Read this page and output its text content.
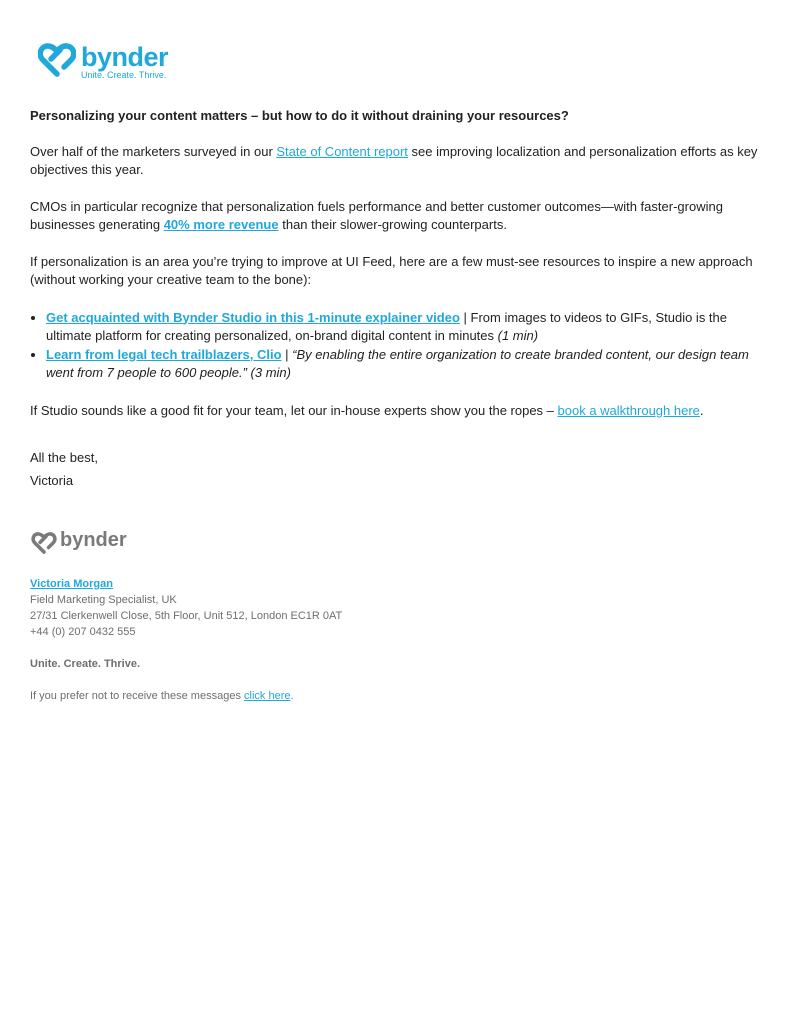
bynder
Unite. Create. Thrive.

Personalizing your content matters – but how to do it without draining your resources?

Over half of the marketers surveyed in our State of Content report see improving localization and personalization efforts as key objectives this year.

CMOs in particular recognize that personalization fuels performance and better customer outcomes—with faster-growing businesses generating 40% more revenue than their slower-growing counterparts.

If personalization is an area you’re trying to improve at UI Feed, here are a few must-see resources to inspire a new approach (without working your creative team to the bone):

• Get acquainted with Bynder Studio in this 1-minute explainer video | From images to videos to GIFs, Studio is the ultimate platform for creating personalized, on-brand digital content in minutes (1 min)
• Learn from legal tech trailblazers, Clio | “By enabling the entire organization to create branded content, our design team went from 7 people to 600 people.” (3 min)

If Studio sounds like a good fit for your team, let our in-house experts show you the ropes – book a walkthrough here.

All the best,
Victoria
bynder

Victoria Morgan

Field Marketing Specialist, UK

27/31 Clerkenwell Close, 5th Floor, Unit 512, London EC1R 0AT

+44 (0) 207 0432 555

Unite. Create. Thrive.

If you prefer not to receive these messages click here.
